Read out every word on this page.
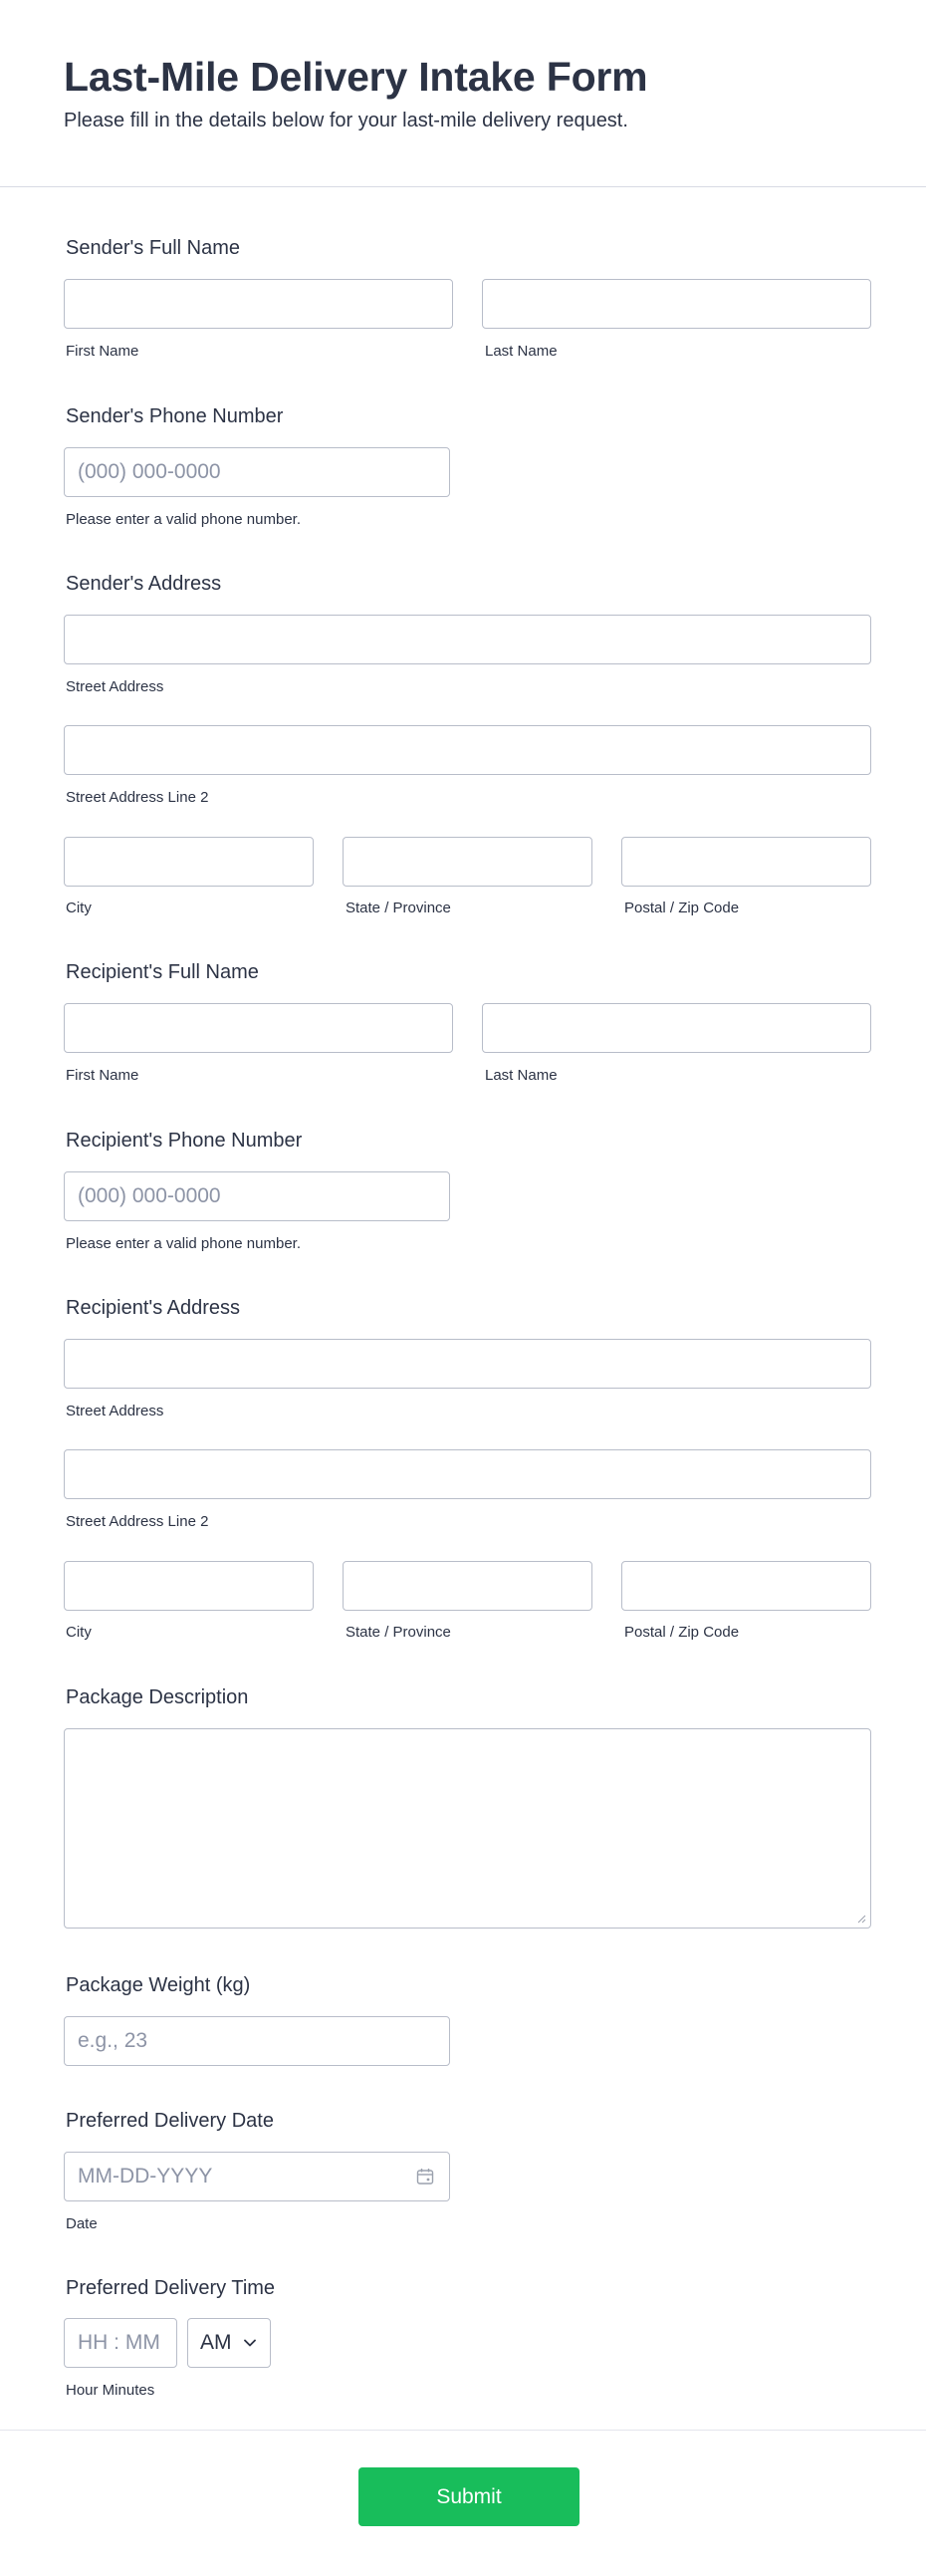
Last-Mile Delivery Intake Form

Please fill in the details below for your last-mile delivery request.

Sender's Full Name
First Name	Last Name
Sender's Phone Number
(000) 000-0000
Please enter a valid phone number.
Sender's Address
Street Address
Street Address Line 2
City	State / Province	Postal / Zip Code
Recipient's Full Name
First Name	Last Name
Recipient's Phone Number
(000) 000-0000
Please enter a valid phone number.
Recipient's Address
Street Address
Street Address Line 2
City	State / Province	Postal / Zip Code
Package Description
Package Weight (kg)
e.g., 23
Preferred Delivery Date
MM-DD-YYYY
Date
Preferred Delivery Time
HH : MM AM
Hour Minutes
Submit
